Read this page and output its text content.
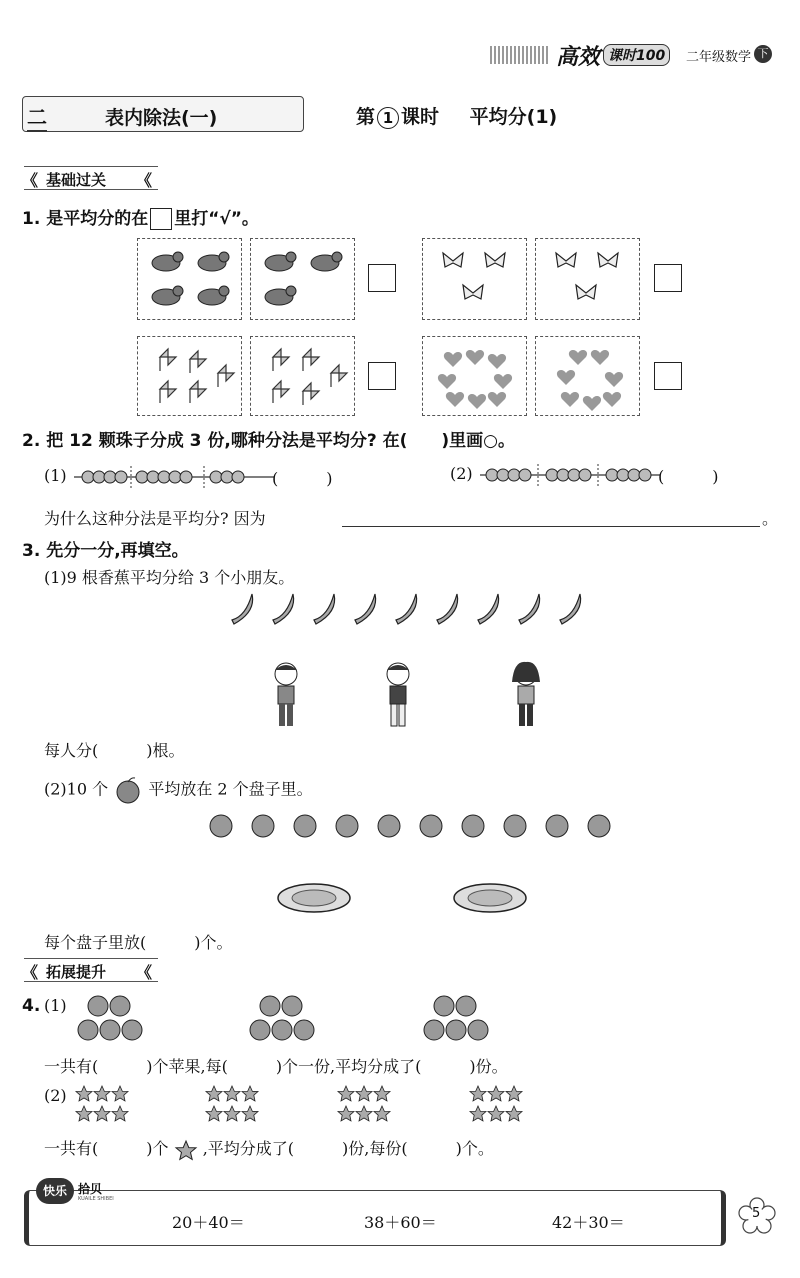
高效 课时100	二年级数学 下
二	表内除法(一)	第 1 课时 平均分(1)
《 基础过关 《
1. 是平均分的在 里打“√”。
2. 把 12 颗珠子分成 3 份,哪种分法是平均分? 在(　　)里画○。
(1)	(　　　)	(2)	(　　　)
为什么这种分法是平均分? 因为	。
3. 先分一分,再填空。
(1)9 根香蕉平均分给 3 个小朋友。
每人分(　　　)根。
(2)10 个	平均放在 2 个盘子里。
每个盘子里放(　　　)个。
《 拓展提升 《
4. (1)
一共有(　　　)个苹果,每(　　　)个一份,平均分成了(　　　)份。
(2)
一共有(　　　)个 ,平均分成了(　　　)份,每份(　　　)个。
快乐 拾贝
KUAILE SHIBEI
20＋40＝	38＋60＝	42＋30＝	5
